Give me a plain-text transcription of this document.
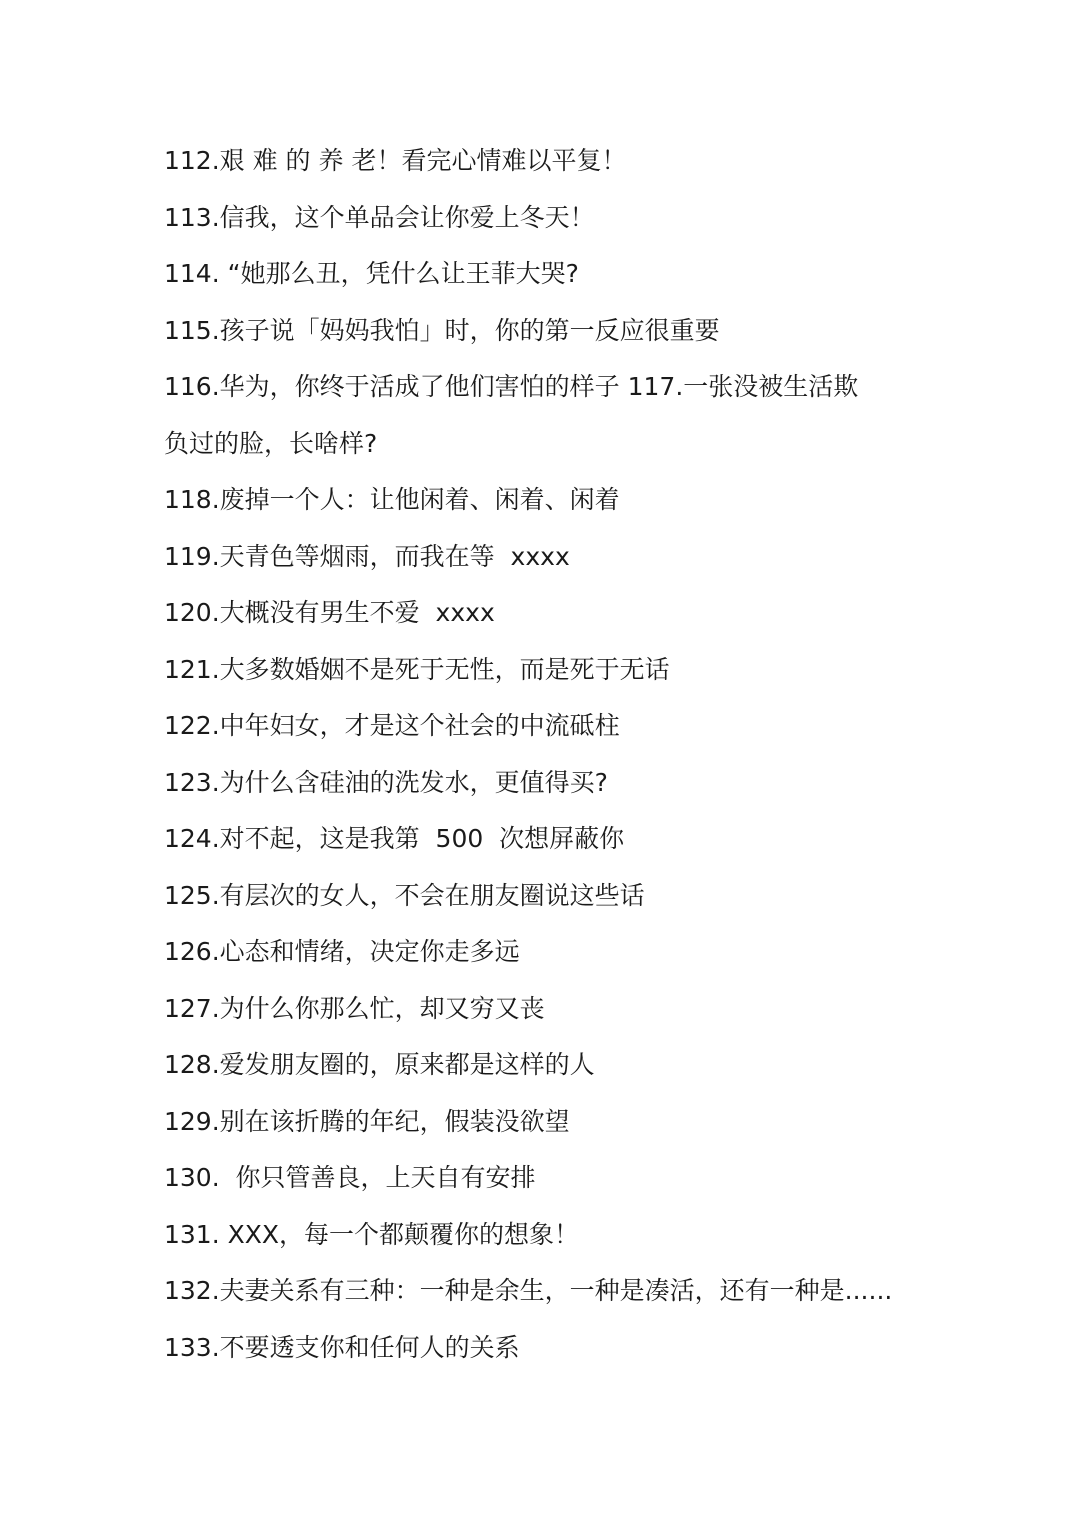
112.艰 难 的 养 老！看完心情难以平复！
113.信我，这个单品会让你爱上冬天！
114. “她那么丑，凭什么让王菲大哭?
115.孩子说「妈妈我怕」时，你的第一反应很重要
116.华为，你终于活成了他们害怕的样子 117.一张没被生活欺
负过的脸，长啥样?
118.废掉一个人：让他闲着、闲着、闲着
119.天青色等烟雨，而我在等  xxxx
120.大概没有男生不爱  xxxx
121.大多数婚姻不是死于无性，而是死于无话
122.中年妇女，才是这个社会的中流砥柱
123.为什么含硅油的洗发水，更值得买?
124.对不起，这是我第  500  次想屏蔽你
125.有层次的女人，不会在朋友圈说这些话
126.心态和情绪，决定你走多远
127.为什么你那么忙，却又穷又丧
128.爱发朋友圈的，原来都是这样的人
129.别在该折腾的年纪，假装没欲望
130.  你只管善良，上天自有安排
131. XXX，每一个都颠覆你的想象！
132.夫妻关系有三种：一种是余生，一种是凑活，还有一种是......
133.不要透支你和任何人的关系
